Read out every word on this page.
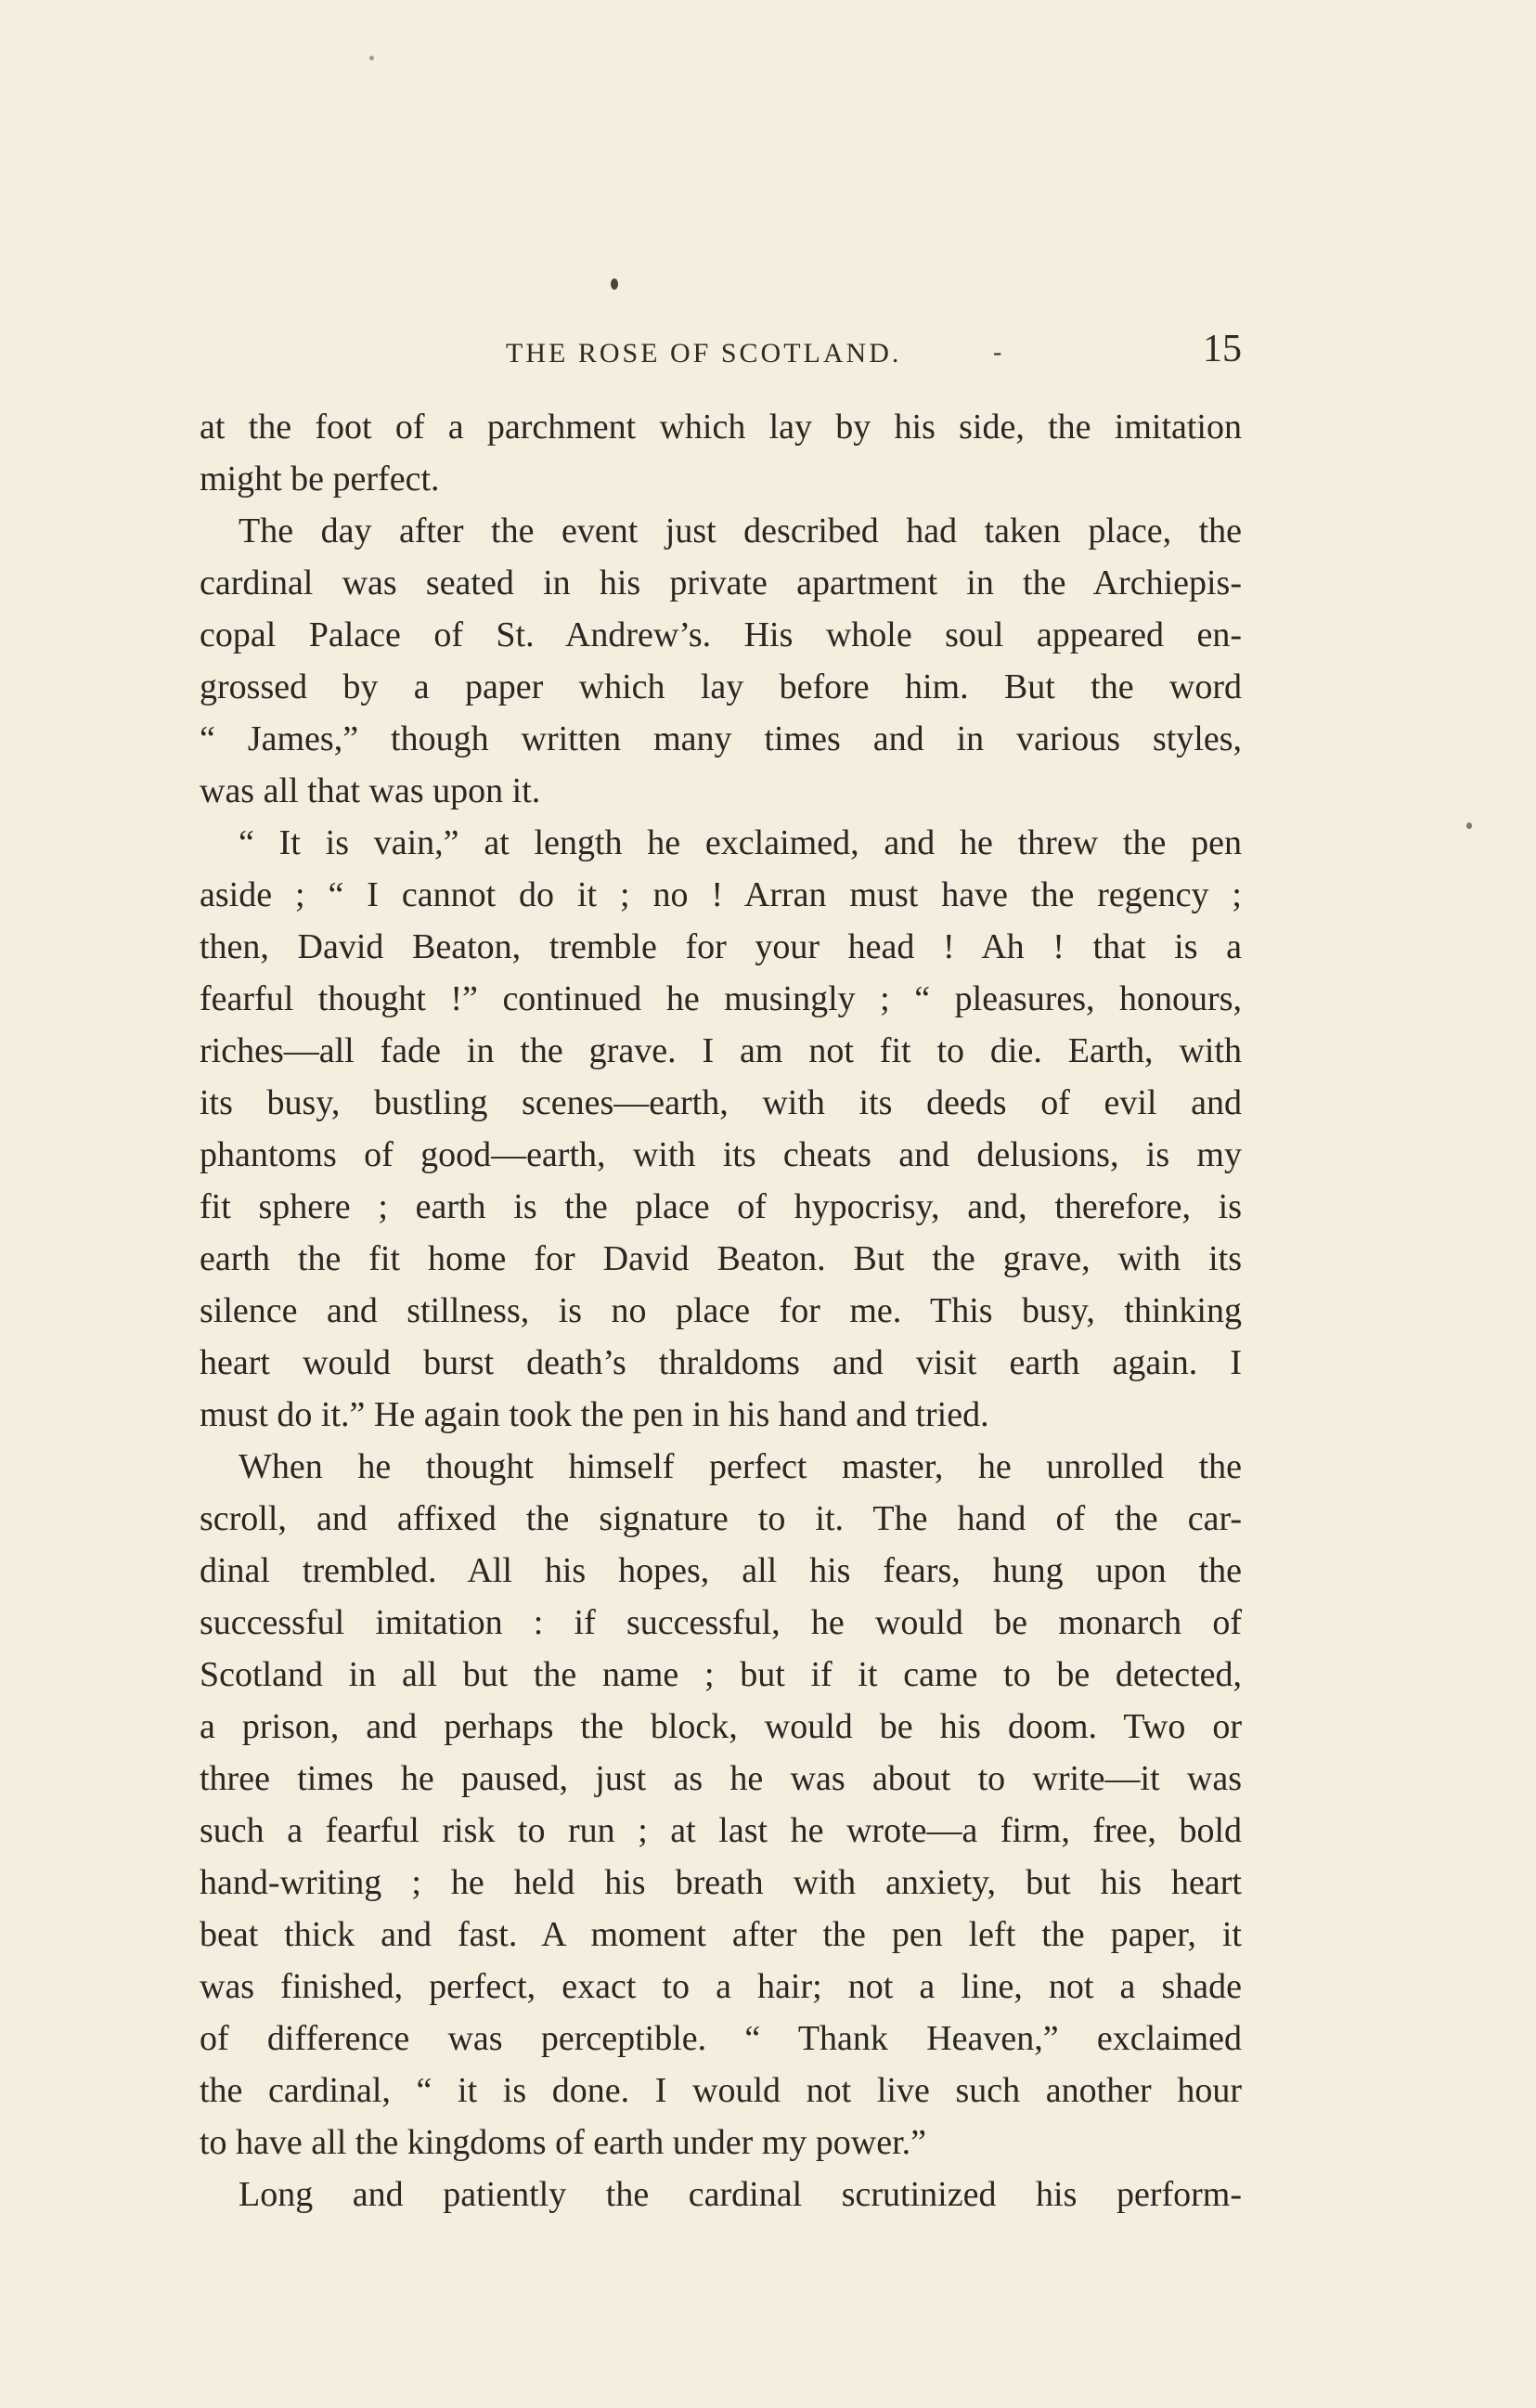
THE ROSE OF SCOTLAND.	-	15
at the foot of a parchment which lay by his side, the imitation
might be perfect.
The day after the event just described had taken place, the
cardinal was seated in his private apartment in the Archiepis-
copal Palace of St. Andrew’s. His whole soul appeared en-
grossed by a paper which lay before him. But the word
“ James,” though written many times and in various styles,
was all that was upon it.
“ It is vain,” at length he exclaimed, and he threw the pen
aside ; “ I cannot do it ; no ! Arran must have the regency ;
then, David Beaton, tremble for your head ! Ah ! that is a
fearful thought !” continued he musingly ; “ pleasures, honours,
riches—all fade in the grave. I am not fit to die. Earth, with
its busy, bustling scenes—earth, with its deeds of evil and
phantoms of good—earth, with its cheats and delusions, is my
fit sphere ; earth is the place of hypocrisy, and, therefore, is
earth the fit home for David Beaton. But the grave, with its
silence and stillness, is no place for me. This busy, thinking
heart would burst death’s thraldoms and visit earth again. I
must do it.” He again took the pen in his hand and tried.
When he thought himself perfect master, he unrolled the
scroll, and affixed the signature to it. The hand of the car-
dinal trembled. All his hopes, all his fears, hung upon the
successful imitation : if successful, he would be monarch of
Scotland in all but the name ; but if it came to be detected,
a prison, and perhaps the block, would be his doom. Two or
three times he paused, just as he was about to write—it was
such a fearful risk to run ; at last he wrote—a firm, free, bold
hand-writing ; he held his breath with anxiety, but his heart
beat thick and fast. A moment after the pen left the paper, it
was finished, perfect, exact to a hair; not a line, not a shade
of difference was perceptible. “ Thank Heaven,” exclaimed
the cardinal, “ it is done. I would not live such another hour
to have all the kingdoms of earth under my power.”
Long and patiently the cardinal scrutinized his perform-
